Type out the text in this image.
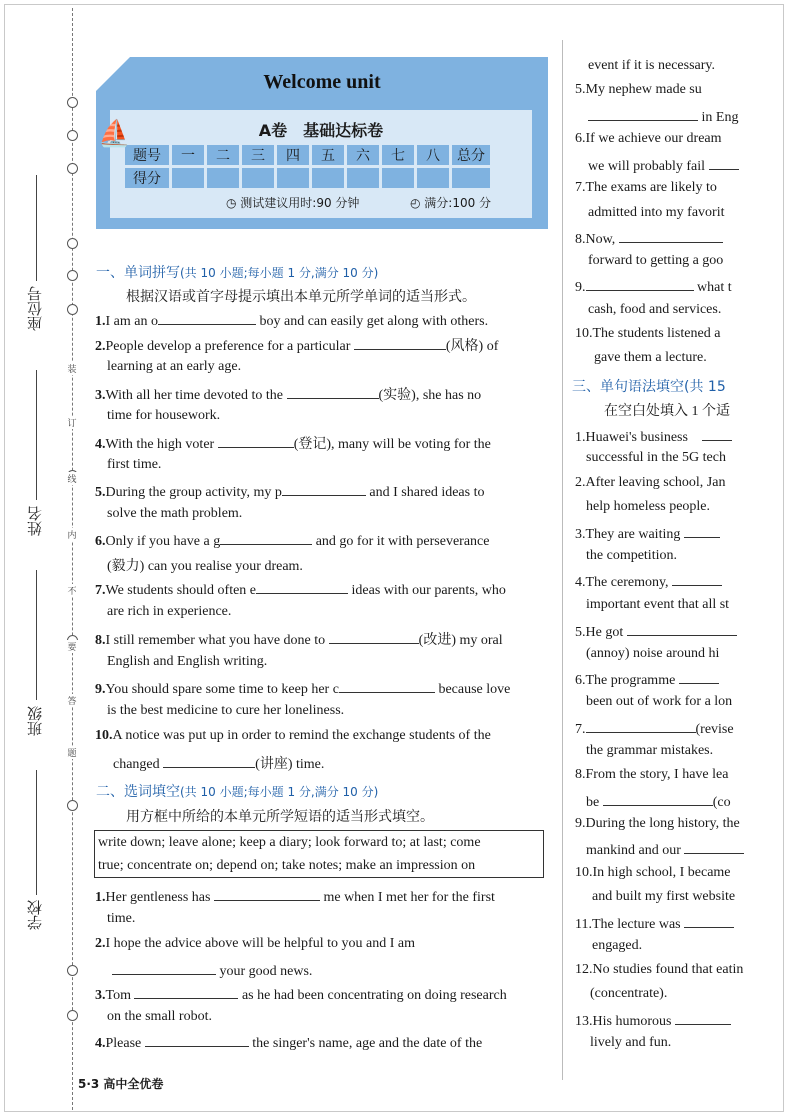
装
订
线
内
不
要
答
题
座位号
姓名
班级
学校
Welcome unit
A卷　基础达标卷
题号	一	二	三	四	五	六	七	八	总分
得分									
◷ 测试建议用时:90 分钟	◴ 满分:100 分
⛵
一、单词拼写(共 10 小题;每小题 1 分,满分 10 分)
根据汉语或首字母提示填出本单元所学单词的适当形式。
1.I am an o	boy and can easily get along with others.
2.People develop a preference for a particular	(风格) of
learning at an early age.
3.With all her time devoted to the	(实验), she has no
time for housework.
4.With the high voter	(登记), many will be voting for the
first time.
5.During the group activity, my p	and I shared ideas to
solve the math problem.
6.Only if you have a g	and go for it with perseverance
(毅力) can you realise your dream.
7.We students should often e	ideas with our parents, who
are rich in experience.
8.I still remember what you have done to	(改进) my oral
English and English writing.
9.You should spare some time to keep her c	because love
is the best medicine to cure her loneliness.
10.A notice was put up in order to remind the exchange students of the
changed	(讲座) time.
二、选词填空(共 10 小题;每小题 1 分,满分 10 分)
用方框中所给的本单元所学短语的适当形式填空。
write down; leave alone; keep a diary; look forward to; at last; come
true; concentrate on; depend on; take notes; make an impression on
1.Her gentleness has	me when I met her for the first
time.
2.I hope the advice above will be helpful to you and I am
your good news.
3.Tom	as he had been concentrating on doing research
on the small robot.
4.Please	the singer's name, age and the date of the
5·3 高中全优卷
event if it is necessary.
5.My nephew made su
in Eng
6.If we achieve our dream
we will probably fail
7.The exams are likely to
admitted into my favorit
8.Now,
forward to getting a goo
9.	what t
cash, food and services.
10.The students listened a
gave them a lecture.
三、单句语法填空(共 15
在空白处填入 1 个适
1.Huawei's business　
successful in the 5G tech
2.After leaving school, Jan
help homeless people.
3.They are waiting
the competition.
4.The ceremony,
important event that all st
5.He got
(annoy) noise around hi
6.The programme
been out of work for a lon
7.	(revise
the grammar mistakes.
8.From the story, I have lea
be	(co
9.During the long history, the
mankind and our
10.In high school, I became
and built my first website
11.The lecture was
engaged.
12.No studies found that eatin
(concentrate).
13.His humorous
lively and fun.
